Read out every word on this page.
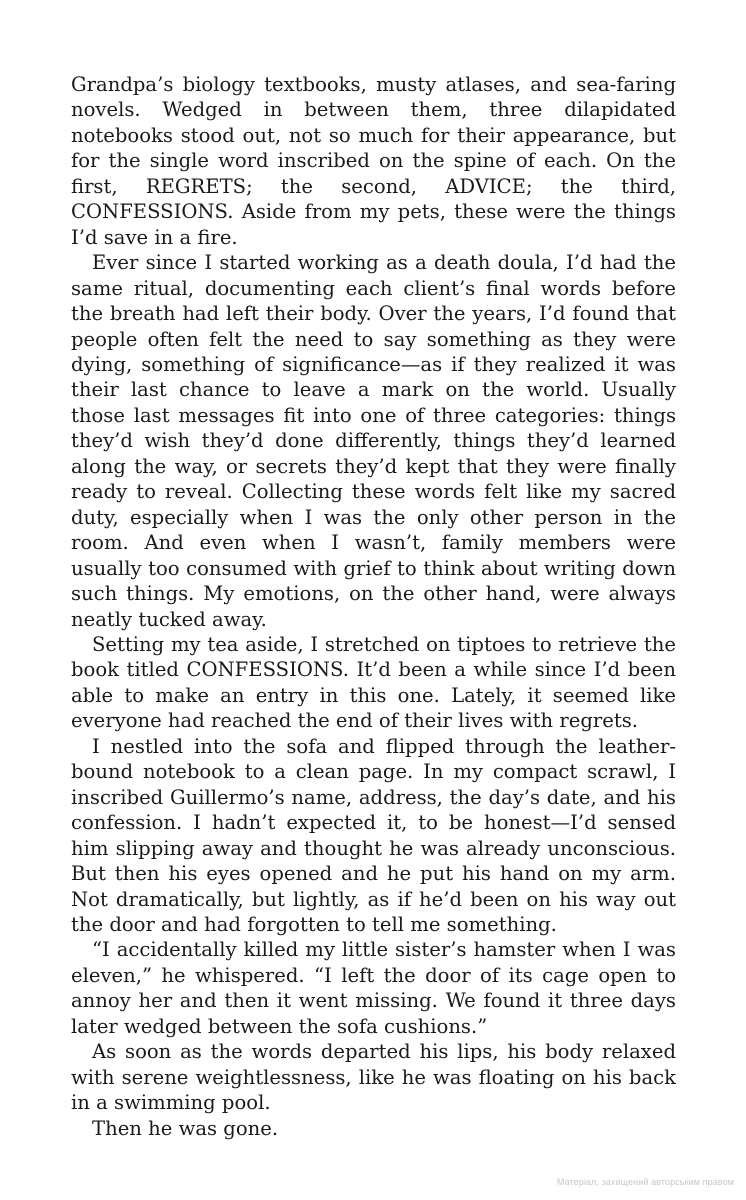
Grandpa’s biology textbooks, musty atlases, and sea-faring novels. Wedged in between them, three dilapidated notebooks stood out, not so much for their appearance, but for the single word inscribed on the spine of each. On the first, REGRETS; the second, ADVICE; the third, CONFESSIONS. Aside from my pets, these were the things I’d save in a fire.

Ever since I started working as a death doula, I’d had the same ritual, documenting each client’s final words before the breath had left their body. Over the years, I’d found that people often felt the need to say something as they were dying, something of significance—as if they realized it was their last chance to leave a mark on the world. Usually those last messages fit into one of three categories: things they’d wish they’d done differently, things they’d learned along the way, or secrets they’d kept that they were finally ready to reveal. Collecting these words felt like my sacred duty, especially when I was the only other person in the room. And even when I wasn’t, family members were usually too consumed with grief to think about writing down such things. My emotions, on the other hand, were always neatly tucked away.

Setting my tea aside, I stretched on tiptoes to retrieve the book titled CONFESSIONS. It’d been a while since I’d been able to make an entry in this one. Lately, it seemed like everyone had reached the end of their lives with regrets.

I nestled into the sofa and flipped through the leather-bound notebook to a clean page. In my compact scrawl, I inscribed Guillermo’s name, address, the day’s date, and his confession. I hadn’t expected it, to be honest—I’d sensed him slipping away and thought he was already unconscious. But then his eyes opened and he put his hand on my arm. Not dramatically, but lightly, as if he’d been on his way out the door and had forgotten to tell me something.

“I accidentally killed my little sister’s hamster when I was eleven,” he whispered. “I left the door of its cage open to annoy her and then it went missing. We found it three days later wedged between the sofa cushions.”

As soon as the words departed his lips, his body relaxed with serene weightlessness, like he was floating on his back in a swimming pool.

Then he was gone.

Матеріал, захищений авторським правом
